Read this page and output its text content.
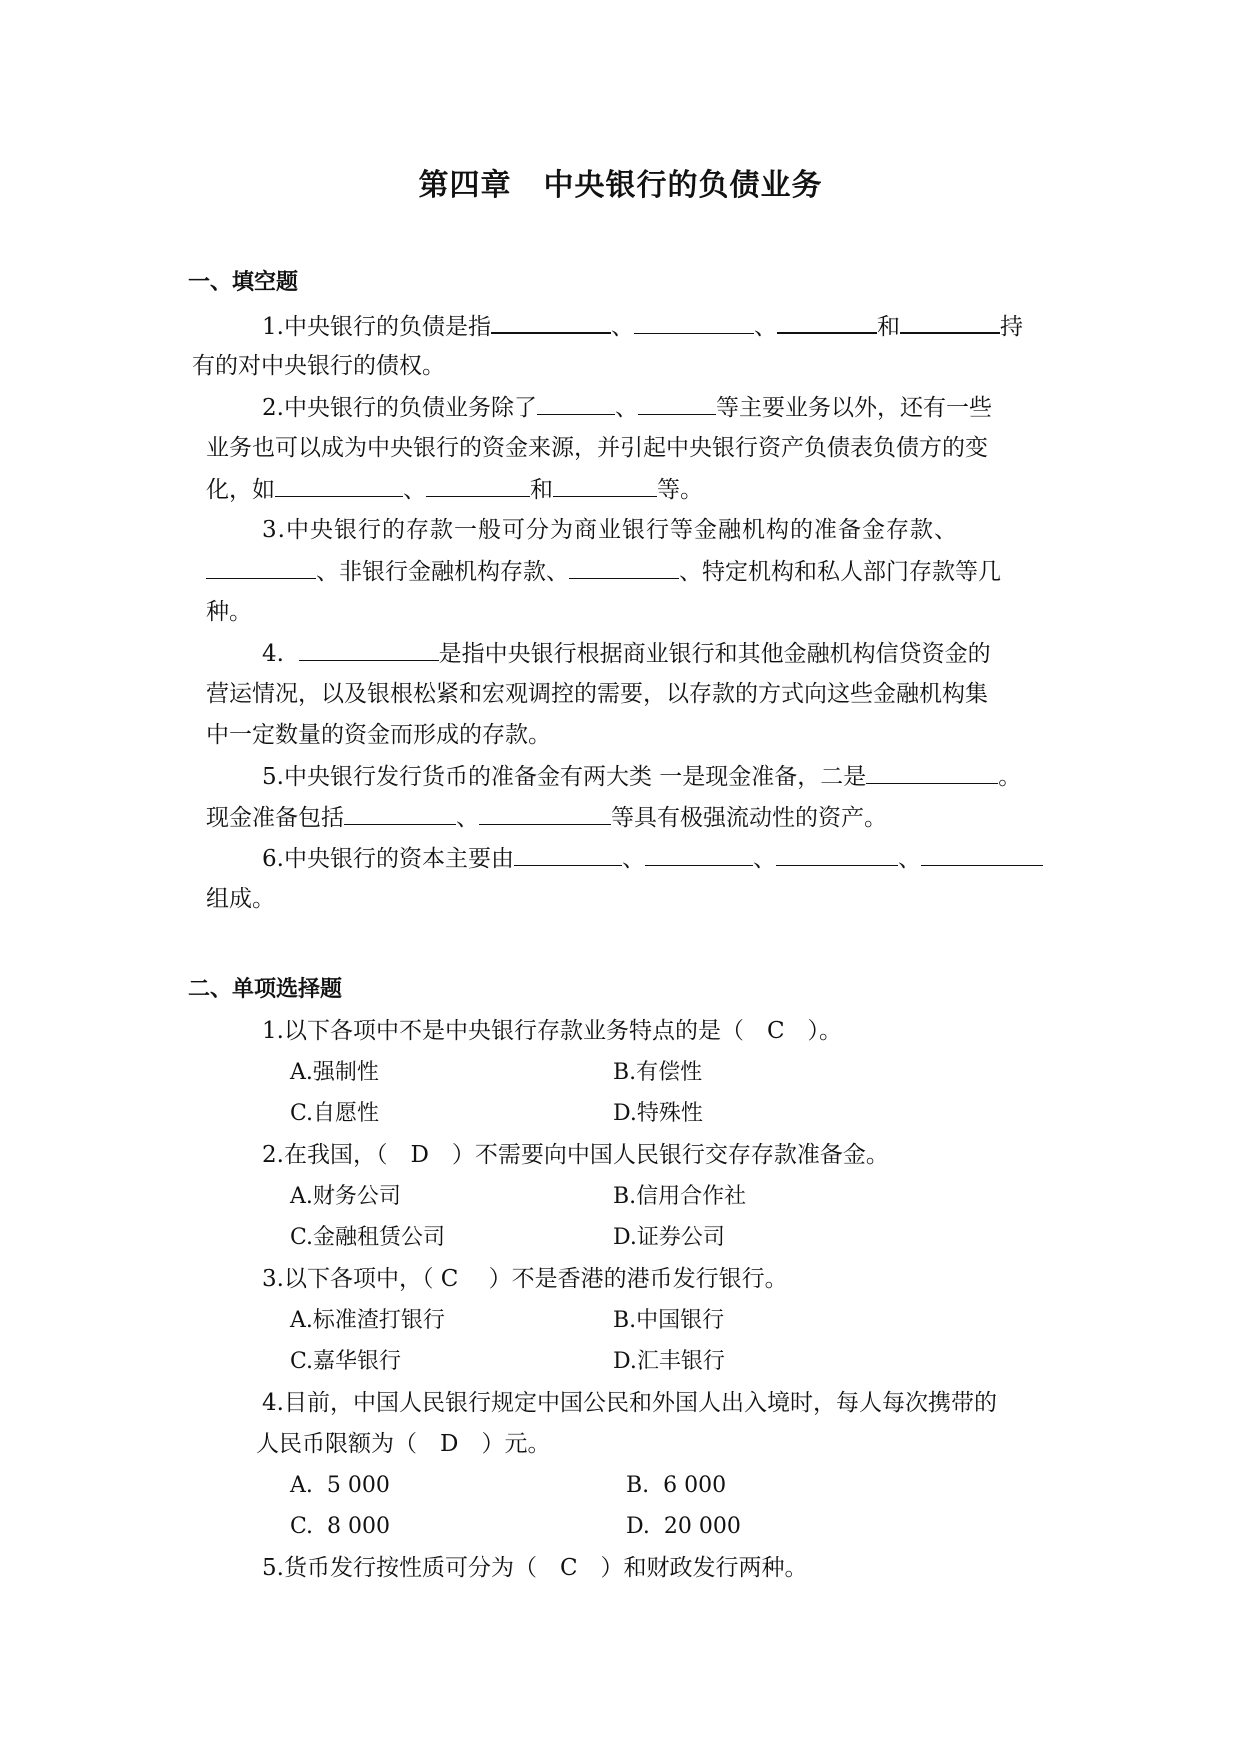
第四章 中央银行的负债业务
一、填空题
1.中央银行的负债是指	、	、	和	持
有的对中央银行的债权。
2.中央银行的负债业务除了	、	等主要业务以外，还有一些
业务也可以成为中央银行的资金来源，并引起中央银行资产负债表负债方的变
化，如	、	和	等。
3.中央银行的存款一般可分为商业银行等金融机构的准备金存款、
、非银行金融机构存款、	、特定机构和私人部门存款等几
种。
4.	是指中央银行根据商业银行和其他金融机构信贷资金的
营运情况，以及银根松紧和宏观调控的需要，以存款的方式向这些金融机构集
中一定数量的资金而形成的存款。
5.中央银行发行货币的准备金有两大类 一是现金准备，二是	。
现金准备包括	、	等具有极强流动性的资产。
6.中央银行的资本主要由	、	、	、
组成。
二、单项选择题
1.以下各项中不是中央银行存款业务特点的是（　C　）。
A.强制性	B.有偿性
C.自愿性	D.特殊性
2.在我国，（　D　）不需要向中国人民银行交存存款准备金。
A.财务公司	B.信用合作社
C.金融租赁公司	D.证券公司
3.以下各项中，（ C　 ）不是香港的港币发行银行。
A.标准渣打银行	B.中国银行
C.嘉华银行	D.汇丰银行
4.目前，中国人民银行规定中国公民和外国人出入境时，每人每次携带的
人民币限额为（　D　）元。
A.  5 000	B.  6 000
C.  8 000	D.  20 000
5.货币发行按性质可分为（　C　）和财政发行两种。
